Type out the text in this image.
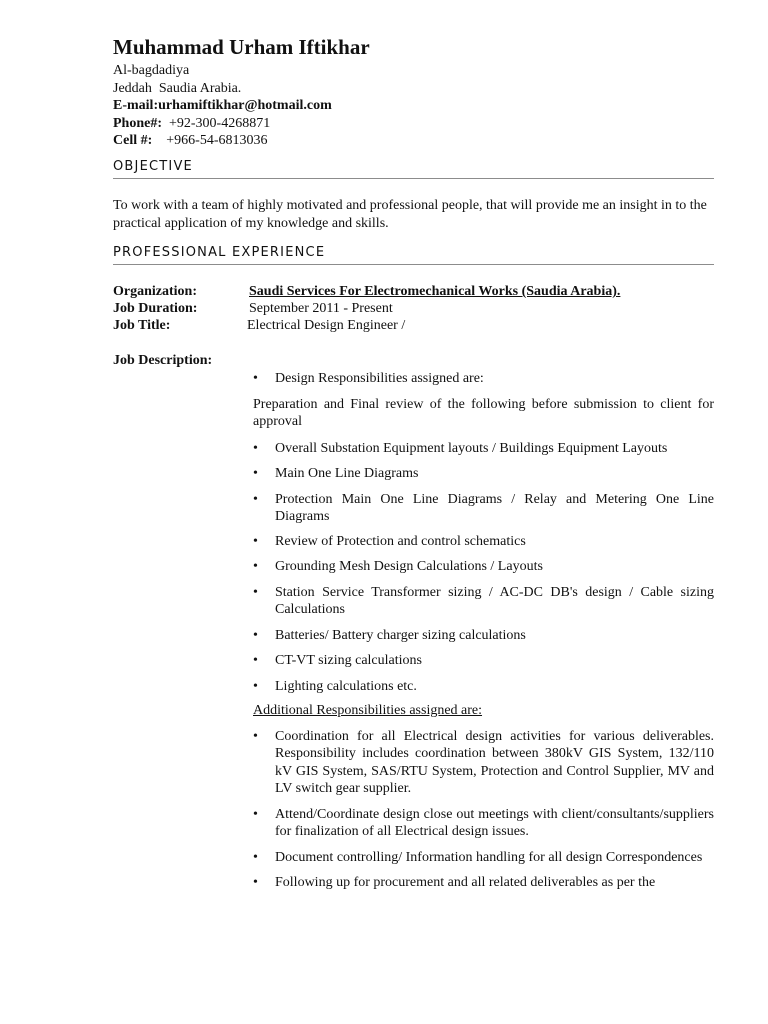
Muhammad Urham Iftikhar
Al-bagdadiya
Jeddah  Saudia Arabia.
E-mail:urhamiftikhar@hotmail.com
Phone#: +92-300-4268871
Cell #: +966-54-6813036
OBJECTIVE
To work with a team of highly motivated and professional people, that will provide me an insight in to the practical application of my knowledge and skills.
PROFESSIONAL EXPERIENCE
Organization:	Saudi Services For Electromechanical Works (Saudia Arabia).
Job Duration:	September 2011 - Present
Job Title:	Electrical Design Engineer /
Job Description:
•	Design Responsibilities assigned are:
Preparation and Final review of the following before submission to client for approval
•	Overall Substation Equipment layouts / Buildings Equipment Layouts
•	Main One Line Diagrams
•	Protection Main One Line Diagrams / Relay and Metering One Line Diagrams
•	Review of Protection and control schematics
•	Grounding Mesh Design Calculations / Layouts
•	Station Service Transformer sizing / AC-DC DB's design / Cable sizing Calculations
•	Batteries/ Battery charger sizing calculations
•	CT-VT sizing calculations
•	Lighting calculations etc.
Additional Responsibilities assigned are:
•	Coordination for all Electrical design activities for various deliverables. Responsibility includes coordination between 380kV GIS System, 132/110 kV GIS System, SAS/RTU System, Protection and Control Supplier, MV and LV switch gear supplier.
•	Attend/Coordinate design close out meetings with client/consultants/suppliers for finalization of all Electrical design issues.
•	Document controlling/ Information handling for all design Correspondences
•	Following up for procurement and all related deliverables as per the
